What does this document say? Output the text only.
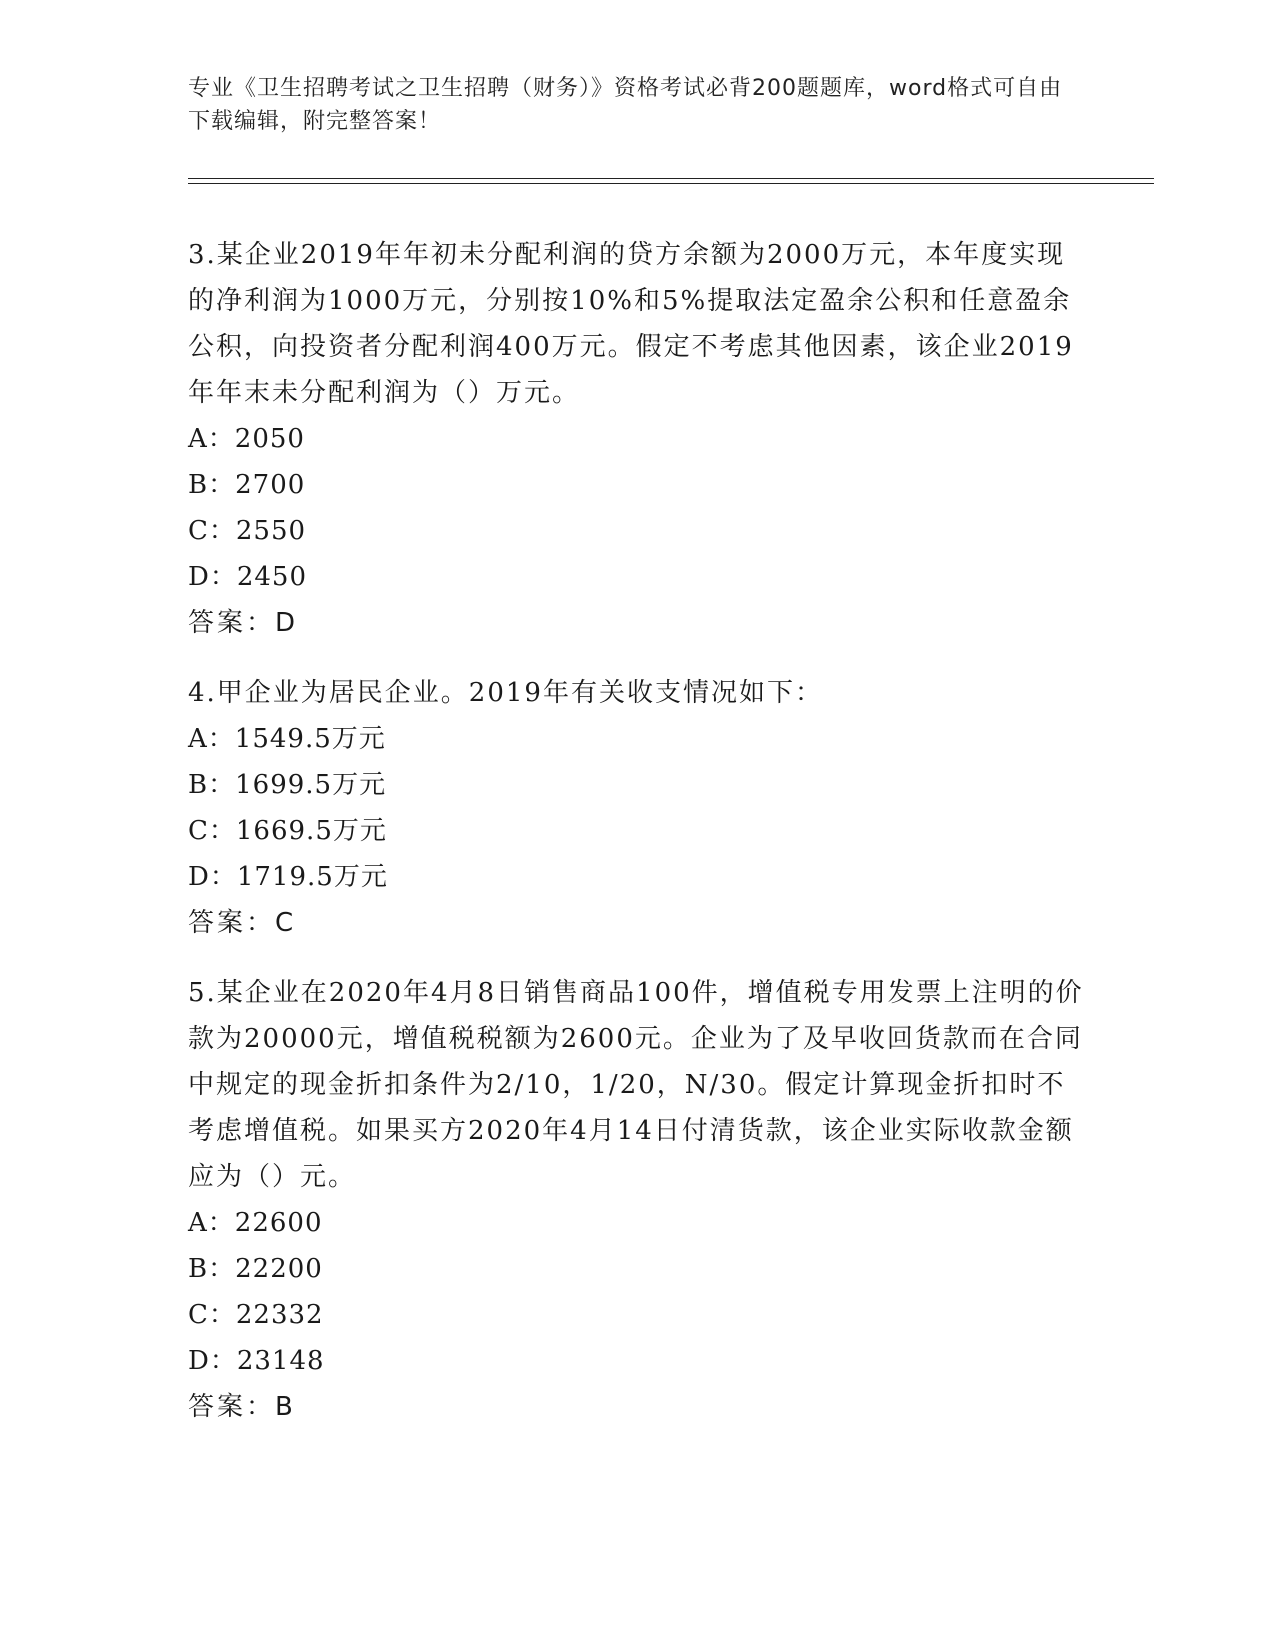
专业《卫生招聘考试之卫生招聘（财务）》资格考试必背200题题库，word格式可自由下载编辑，附完整答案！

3.某企业2019年年初未分配利润的贷方余额为2000万元，本年度实现的净利润为1000万元，分别按10%和5%提取法定盈余公积和任意盈余公积，向投资者分配利润400万元。假定不考虑其他因素，该企业2019年年末未分配利润为（）万元。

A：2050

B：2700

C：2550

D：2450

答案：D

4.甲企业为居民企业。2019年有关收支情况如下：

A：1549.5万元

B：1699.5万元

C：1669.5万元

D：1719.5万元

答案：C

5.某企业在2020年4月8日销售商品100件，增值税专用发票上注明的价款为20000元，增值税税额为2600元。企业为了及早收回货款而在合同中规定的现金折扣条件为2/10，1/20，N/30。假定计算现金折扣时不考虑增值税。如果买方2020年4月14日付清货款，该企业实际收款金额应为（）元。

A：22600

B：22200

C：22332

D：23148

答案：B
